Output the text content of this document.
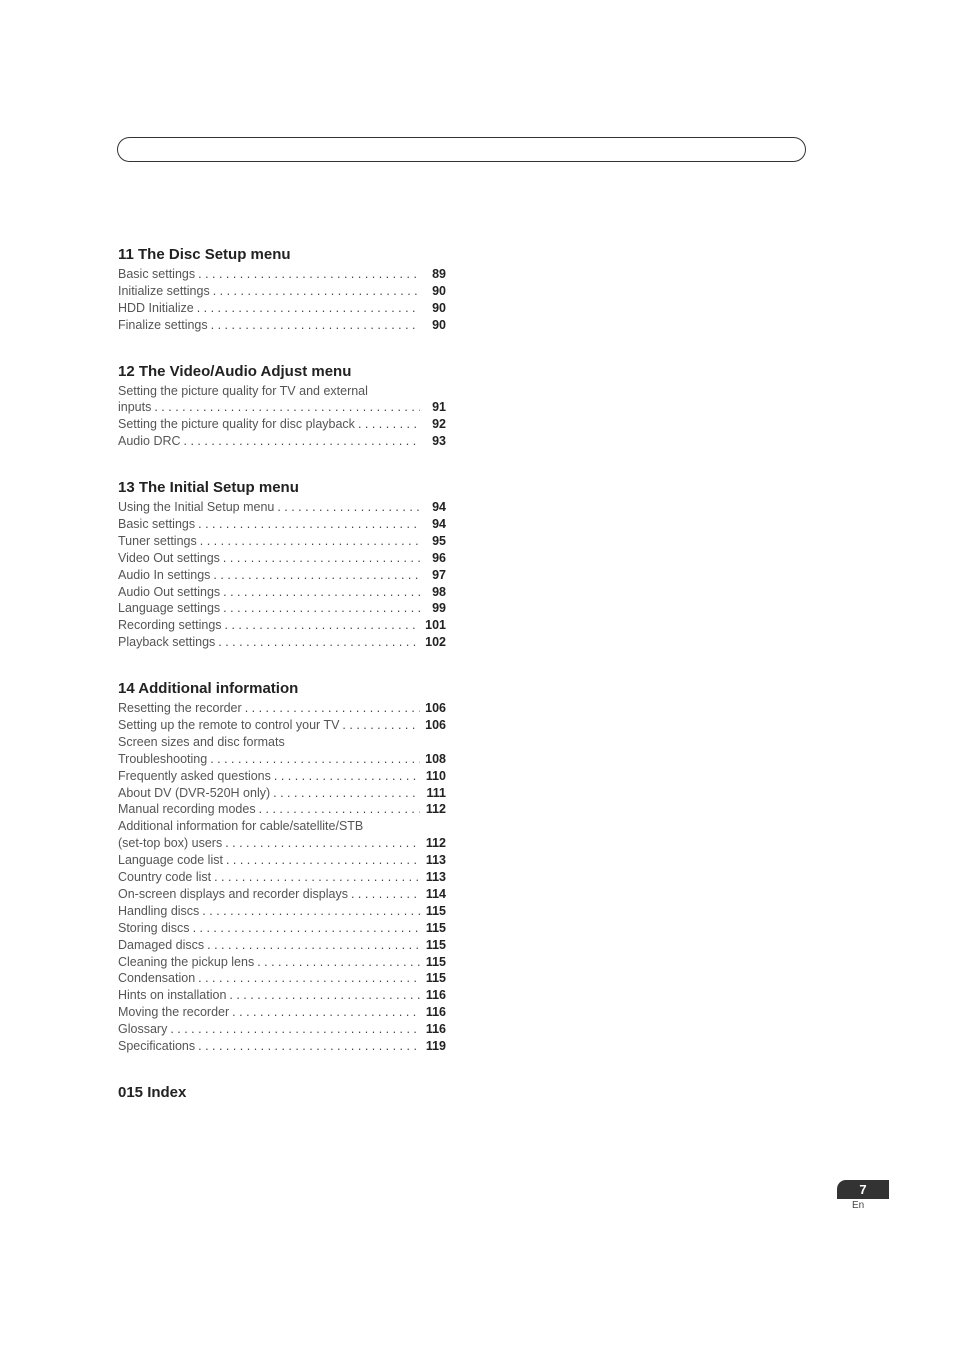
11 The Disc Setup menu
Basic settings . . .	89
Initialize settings . . .	90
HDD Initialize . . .	90
Finalize settings . . .	90
12 The Video/Audio Adjust menu
Setting the picture quality for TV and external
inputs . . .	91
Setting the picture quality for disc playback . . .	92
Audio DRC . . .	93
13 The Initial Setup menu
Using the Initial Setup menu . . .	94
Basic settings . . .	94
Tuner settings . . .	95
Video Out settings . . .	96
Audio In settings . . .	97
Audio Out settings . . .	98
Language settings . . .	99
Recording settings . . .	101
Playback settings . . .	102
14 Additional information
Resetting the recorder . . .	106
Setting up the remote to control your TV . . .	106
Screen sizes and disc formats
Troubleshooting . . .	108
Frequently asked questions . . .	110
About DV (DVR-520H only) . . .	111
Manual recording modes . . .	112
Additional information for cable/satellite/STB
(set-top box) users . . .	112
Language code list . . .	113
Country code list . . .	113
On-screen displays and recorder displays . . .	114
Handling discs . . .	115
Storing discs . . .	115
Damaged discs . . .	115
Cleaning the pickup lens . . .	115
Condensation . . .	115
Hints on installation . . .	116
Moving the recorder . . .	116
Glossary . . .	116
Specifications . . .	119
015 Index
7
En
